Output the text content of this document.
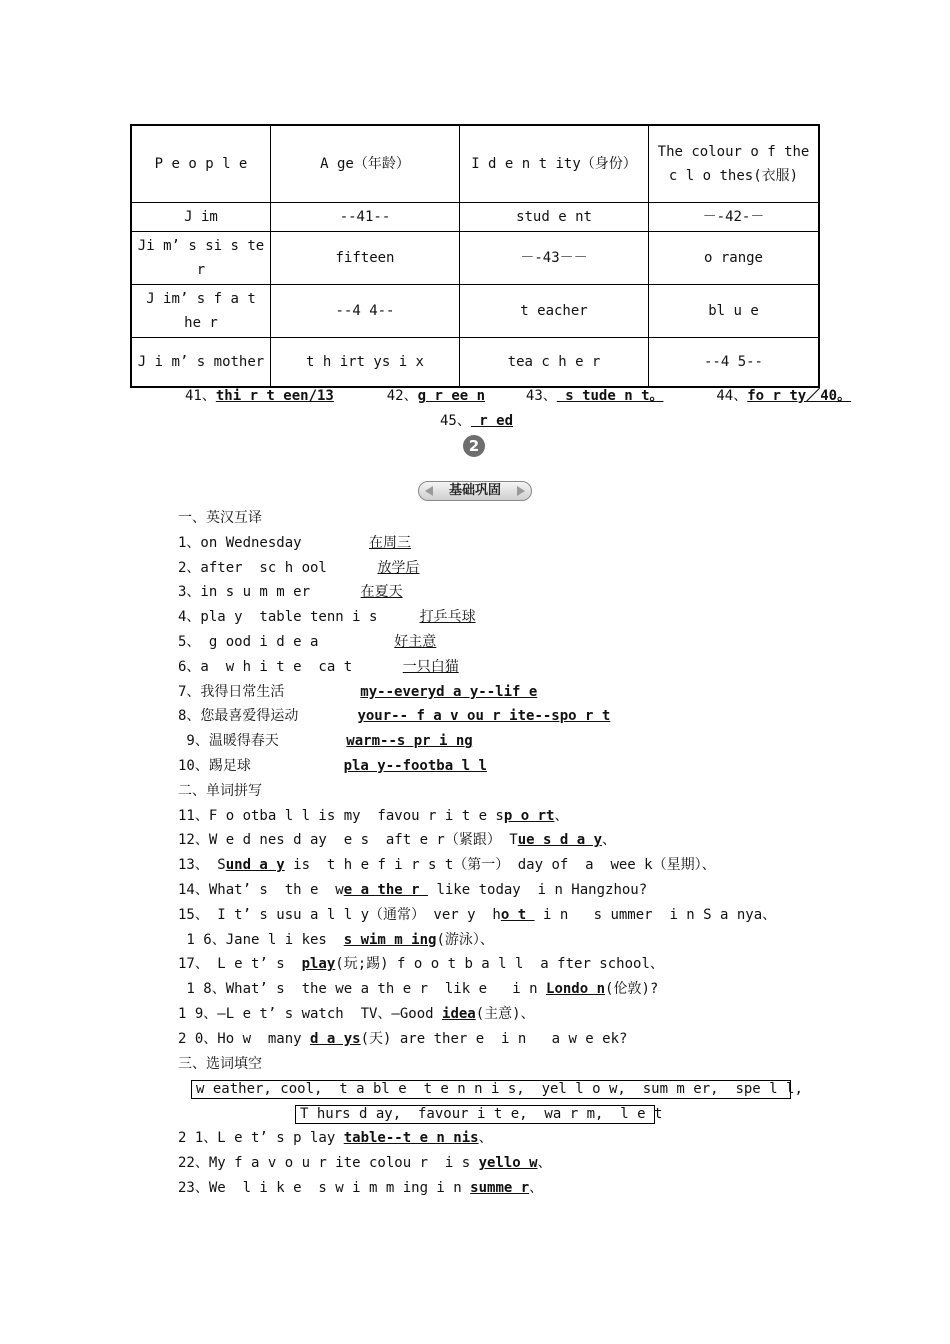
P e o p l e	A ge（年龄）	I d e n t ity（身份）	The colour o f the c l o thes(衣服)
J im	--41--	stud e nt	－-42-－
Ji m’ s si s te r	fifteen	－-43－－	o range
J im’ s f a t he r	--4 4--	t eacher	bl u e
J i m’ s mother	t h irt ys i x	tea c h e r	--4 5--
41、thi r t een/13	42、g r ee n	43、 s tude n t。	44、fo r ty／40。
45、 r ed
2
基础巩固
一、英汉互译
1、on Wednesday        在周三
2、after  sc h ool      放学后
3、in s u m m er      在夏天
4、pla y  table tenn i s     打乒乓球
5、 g ood i d e a         好主意
6、a  w h i t e  ca t      一只白猫
7、我得日常生活         my--everyd a y--lif e
8、您最喜爱得运动       your-- f a v ou r ite--spo r t
9、温暖得春天        warm--s pr i ng
10、踢足球           pla y--footba l l
二、单词拼写
11、F o otba l l is my  favou r i t e sp o rt、
12、W e d nes d ay  e s  aft e r（紧跟） Tue s d a y、
13、 Sund a y is  t h e f i r s t（第一） day of  a  wee k（星期）、
14、What’ s  th e  we a the r  like today  i n Hangzhou?
15、 I t’ s usu a l l y（通常） ver y  ho t  i n   s ummer  i n S a nya、
1 6、Jane l i kes  s wim m ing(游泳）、
17、 L e t’ s  play(玩;踢) f o o t b a l l  a fter school、
1 8、What’ s  the we a th e r  lik e   i n Londo n(伦敦)?
1 9、—L e t’ s watch  TV、—Good idea(主意)、
2 0、Ho w  many d a ys(天) are ther e  i n   a w e ek?
三、选词填空
2 1、L e t’ s p lay table--t e n nis、
22、My f a v o u r ite colou r  i s yello w、
23、We  l i k e  s w i m m ing i n summe r、
w eather, cool,  t a bl e  t e n n i s,  yel l o w,  sum m er,  spe l l,
T hurs d ay,  favour i t e,  wa r m,  l e t
